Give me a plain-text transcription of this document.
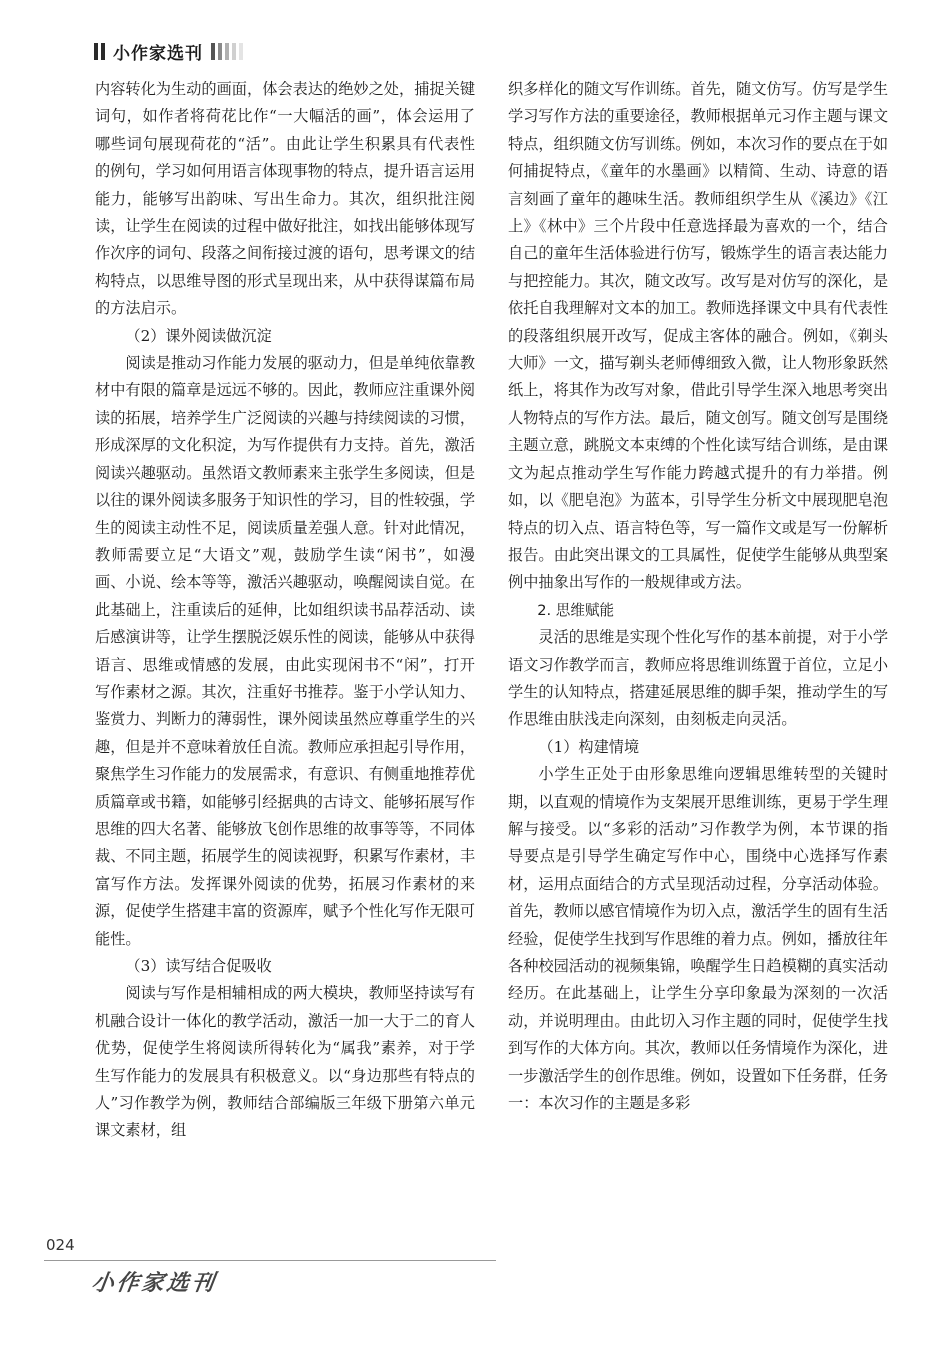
小作家选刊

内容转化为生动的画面，体会表达的绝妙之处，捕捉关键词句，如作者将荷花比作“一大幅活的画”，体会运用了哪些词句展现荷花的“活”。由此让学生积累具有代表性的例句，学习如何用语言体现事物的特点，提升语言运用能力，能够写出韵味、写出生命力。其次，组织批注阅读，让学生在阅读的过程中做好批注，如找出能够体现写作次序的词句、段落之间衔接过渡的语句，思考课文的结构特点，以思维导图的形式呈现出来，从中获得谋篇布局的方法启示。

（2）课外阅读做沉淀

阅读是推动习作能力发展的驱动力，但是单纯依靠教材中有限的篇章是远远不够的。因此，教师应注重课外阅读的拓展，培养学生广泛阅读的兴趣与持续阅读的习惯，形成深厚的文化积淀，为写作提供有力支持。首先，激活阅读兴趣驱动。虽然语文教师素来主张学生多阅读，但是以往的课外阅读多服务于知识性的学习，目的性较强，学生的阅读主动性不足，阅读质量差强人意。针对此情况，教师需要立足“大语文”观，鼓励学生读“闲书”，如漫画、小说、绘本等等，激活兴趣驱动，唤醒阅读自觉。在此基础上，注重读后的延伸，比如组织读书品荐活动、读后感演讲等，让学生摆脱泛娱乐性的阅读，能够从中获得语言、思维或情感的发展，由此实现闲书不“闲”，打开写作素材之源。其次，注重好书推荐。鉴于小学认知力、鉴赏力、判断力的薄弱性，课外阅读虽然应尊重学生的兴趣，但是并不意味着放任自流。教师应承担起引导作用，聚焦学生习作能力的发展需求，有意识、有侧重地推荐优质篇章或书籍，如能够引经据典的古诗文、能够拓展写作思维的四大名著、能够放飞创作思维的故事等等，不同体裁、不同主题，拓展学生的阅读视野，积累写作素材，丰富写作方法。发挥课外阅读的优势，拓展习作素材的来源，促使学生搭建丰富的资源库，赋予个性化写作无限可能性。

（3）读写结合促吸收

阅读与写作是相辅相成的两大模块，教师坚持读写有机融合设计一体化的教学活动，激活一加一大于二的育人优势，促使学生将阅读所得转化为“属我”素养，对于学生写作能力的发展具有积极意义。以“身边那些有特点的人”习作教学为例，教师结合部编版三年级下册第六单元课文素材，组

织多样化的随文写作训练。首先，随文仿写。仿写是学生学习写作方法的重要途径，教师根据单元习作主题与课文特点，组织随文仿写训练。例如，本次习作的要点在于如何捕捉特点，《童年的水墨画》以精简、生动、诗意的语言刻画了童年的趣味生活。教师组织学生从《溪边》《江上》《林中》三个片段中任意选择最为喜欢的一个，结合自己的童年生活体验进行仿写，锻炼学生的语言表达能力与把控能力。其次，随文改写。改写是对仿写的深化，是依托自我理解对文本的加工。教师选择课文中具有代表性的段落组织展开改写，促成主客体的融合。例如，《剃头大师》一文，描写剃头老师傅细致入微，让人物形象跃然纸上，将其作为改写对象，借此引导学生深入地思考突出人物特点的写作方法。最后，随文创写。随文创写是围绕主题立意，跳脱文本束缚的个性化读写结合训练，是由课文为起点推动学生写作能力跨越式提升的有力举措。例如，以《肥皂泡》为蓝本，引导学生分析文中展现肥皂泡特点的切入点、语言特色等，写一篇作文或是写一份解析报告。由此突出课文的工具属性，促使学生能够从典型案例中抽象出写作的一般规律或方法。

2. 思维赋能

灵活的思维是实现个性化写作的基本前提，对于小学语文习作教学而言，教师应将思维训练置于首位，立足小学生的认知特点，搭建延展思维的脚手架，推动学生的写作思维由肤浅走向深刻，由刻板走向灵活。

（1）构建情境

小学生正处于由形象思维向逻辑思维转型的关键时期，以直观的情境作为支架展开思维训练，更易于学生理解与接受。以“多彩的活动”习作教学为例，本节课的指导要点是引导学生确定写作中心，围绕中心选择写作素材，运用点面结合的方式呈现活动过程，分享活动体验。首先，教师以感官情境作为切入点，激活学生的固有生活经验，促使学生找到写作思维的着力点。例如，播放往年各种校园活动的视频集锦，唤醒学生日趋模糊的真实活动经历。在此基础上，让学生分享印象最为深刻的一次活动，并说明理由。由此切入习作主题的同时，促使学生找到写作的大体方向。其次，教师以任务情境作为深化，进一步激活学生的创作思维。例如，设置如下任务群，任务一：本次习作的主题是多彩

024
小作家选刊
